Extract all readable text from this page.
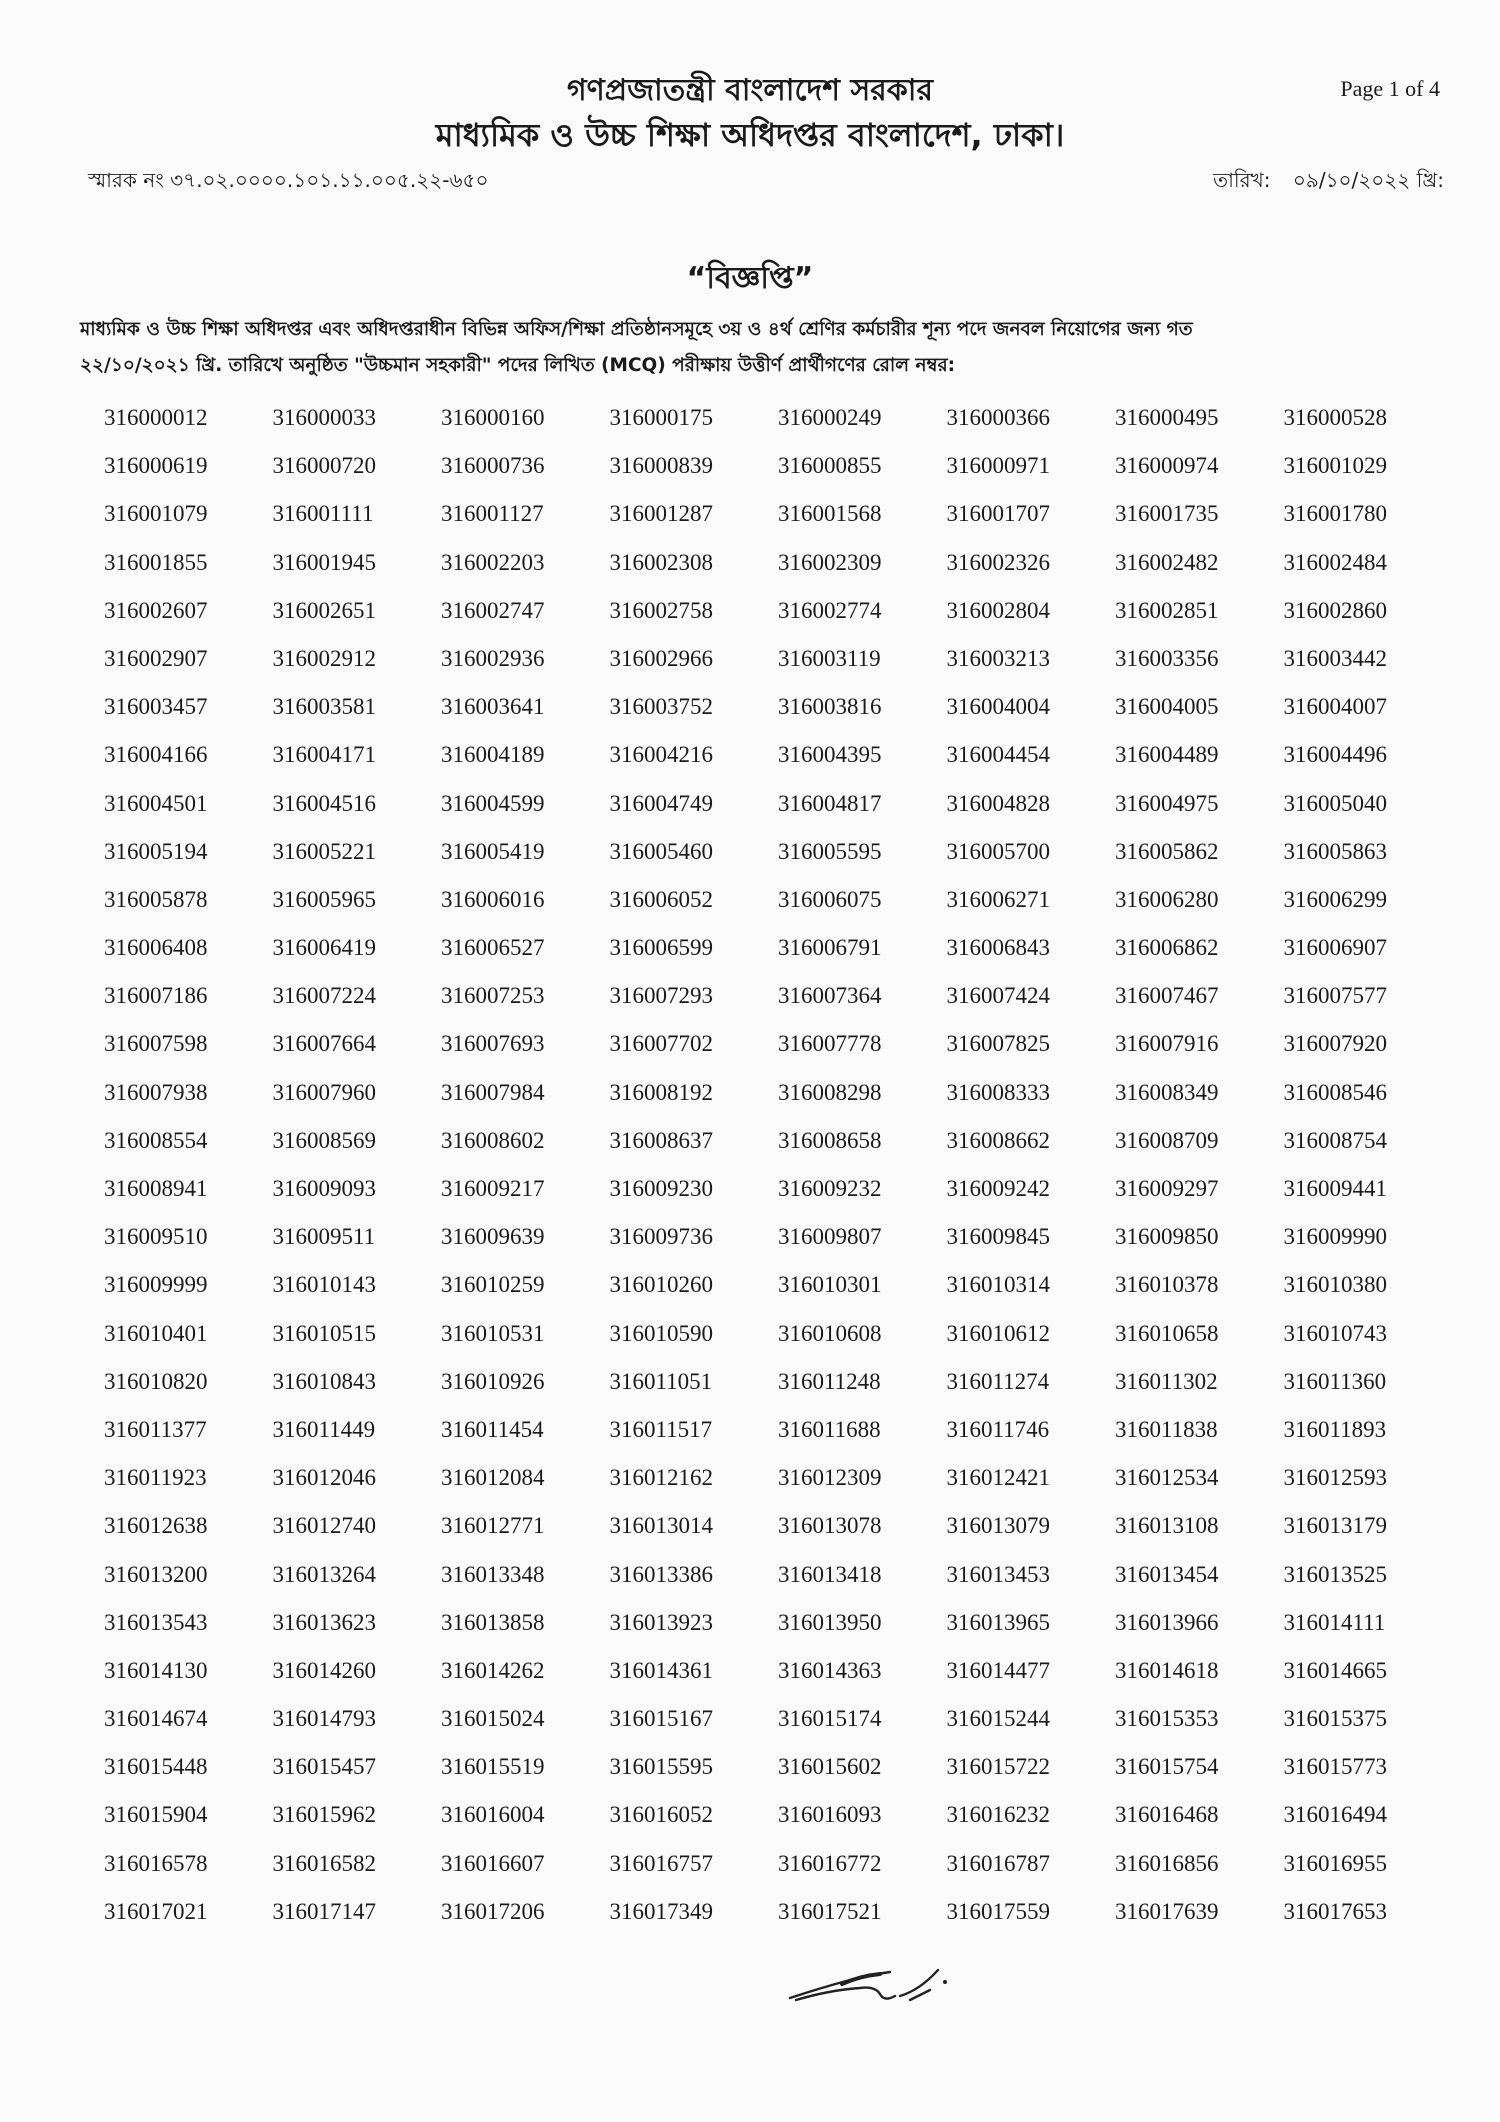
গণপ্রজাতন্ত্রী বাংলাদেশ সরকার
মাধ্যমিক ও উচ্চ শিক্ষা অধিদপ্তর বাংলাদেশ, ঢাকা।
Page 1 of 4
স্মারক নং ৩৭.০২.০০০০.১০১.১১.০০৫.২২-৬৫০	তারিখ: ০৯/১০/২০২২ খ্রি:
“বিজ্ঞপ্তি”
মাধ্যমিক ও উচ্চ শিক্ষা অধিদপ্তর এবং অধিদপ্তরাধীন বিভিন্ন অফিস/শিক্ষা প্রতিষ্ঠানসমূহে ৩য় ও ৪র্থ শ্রেণির কর্মচারীর শূন্য পদে জনবল নিয়োগের জন্য গত
২২/১০/২০২১ খ্রি. তারিখে অনুষ্ঠিত "উচ্চমান সহকারী" পদের লিখিত (MCQ) পরীক্ষায় উত্তীর্ণ প্রার্থীগণের রোল নম্বর:
316000012	316000033	316000160	316000175	316000249	316000366	316000495	316000528
316000619	316000720	316000736	316000839	316000855	316000971	316000974	316001029
316001079	316001111	316001127	316001287	316001568	316001707	316001735	316001780
316001855	316001945	316002203	316002308	316002309	316002326	316002482	316002484
316002607	316002651	316002747	316002758	316002774	316002804	316002851	316002860
316002907	316002912	316002936	316002966	316003119	316003213	316003356	316003442
316003457	316003581	316003641	316003752	316003816	316004004	316004005	316004007
316004166	316004171	316004189	316004216	316004395	316004454	316004489	316004496
316004501	316004516	316004599	316004749	316004817	316004828	316004975	316005040
316005194	316005221	316005419	316005460	316005595	316005700	316005862	316005863
316005878	316005965	316006016	316006052	316006075	316006271	316006280	316006299
316006408	316006419	316006527	316006599	316006791	316006843	316006862	316006907
316007186	316007224	316007253	316007293	316007364	316007424	316007467	316007577
316007598	316007664	316007693	316007702	316007778	316007825	316007916	316007920
316007938	316007960	316007984	316008192	316008298	316008333	316008349	316008546
316008554	316008569	316008602	316008637	316008658	316008662	316008709	316008754
316008941	316009093	316009217	316009230	316009232	316009242	316009297	316009441
316009510	316009511	316009639	316009736	316009807	316009845	316009850	316009990
316009999	316010143	316010259	316010260	316010301	316010314	316010378	316010380
316010401	316010515	316010531	316010590	316010608	316010612	316010658	316010743
316010820	316010843	316010926	316011051	316011248	316011274	316011302	316011360
316011377	316011449	316011454	316011517	316011688	316011746	316011838	316011893
316011923	316012046	316012084	316012162	316012309	316012421	316012534	316012593
316012638	316012740	316012771	316013014	316013078	316013079	316013108	316013179
316013200	316013264	316013348	316013386	316013418	316013453	316013454	316013525
316013543	316013623	316013858	316013923	316013950	316013965	316013966	316014111
316014130	316014260	316014262	316014361	316014363	316014477	316014618	316014665
316014674	316014793	316015024	316015167	316015174	316015244	316015353	316015375
316015448	316015457	316015519	316015595	316015602	316015722	316015754	316015773
316015904	316015962	316016004	316016052	316016093	316016232	316016468	316016494
316016578	316016582	316016607	316016757	316016772	316016787	316016856	316016955
316017021	316017147	316017206	316017349	316017521	316017559	316017639	316017653
